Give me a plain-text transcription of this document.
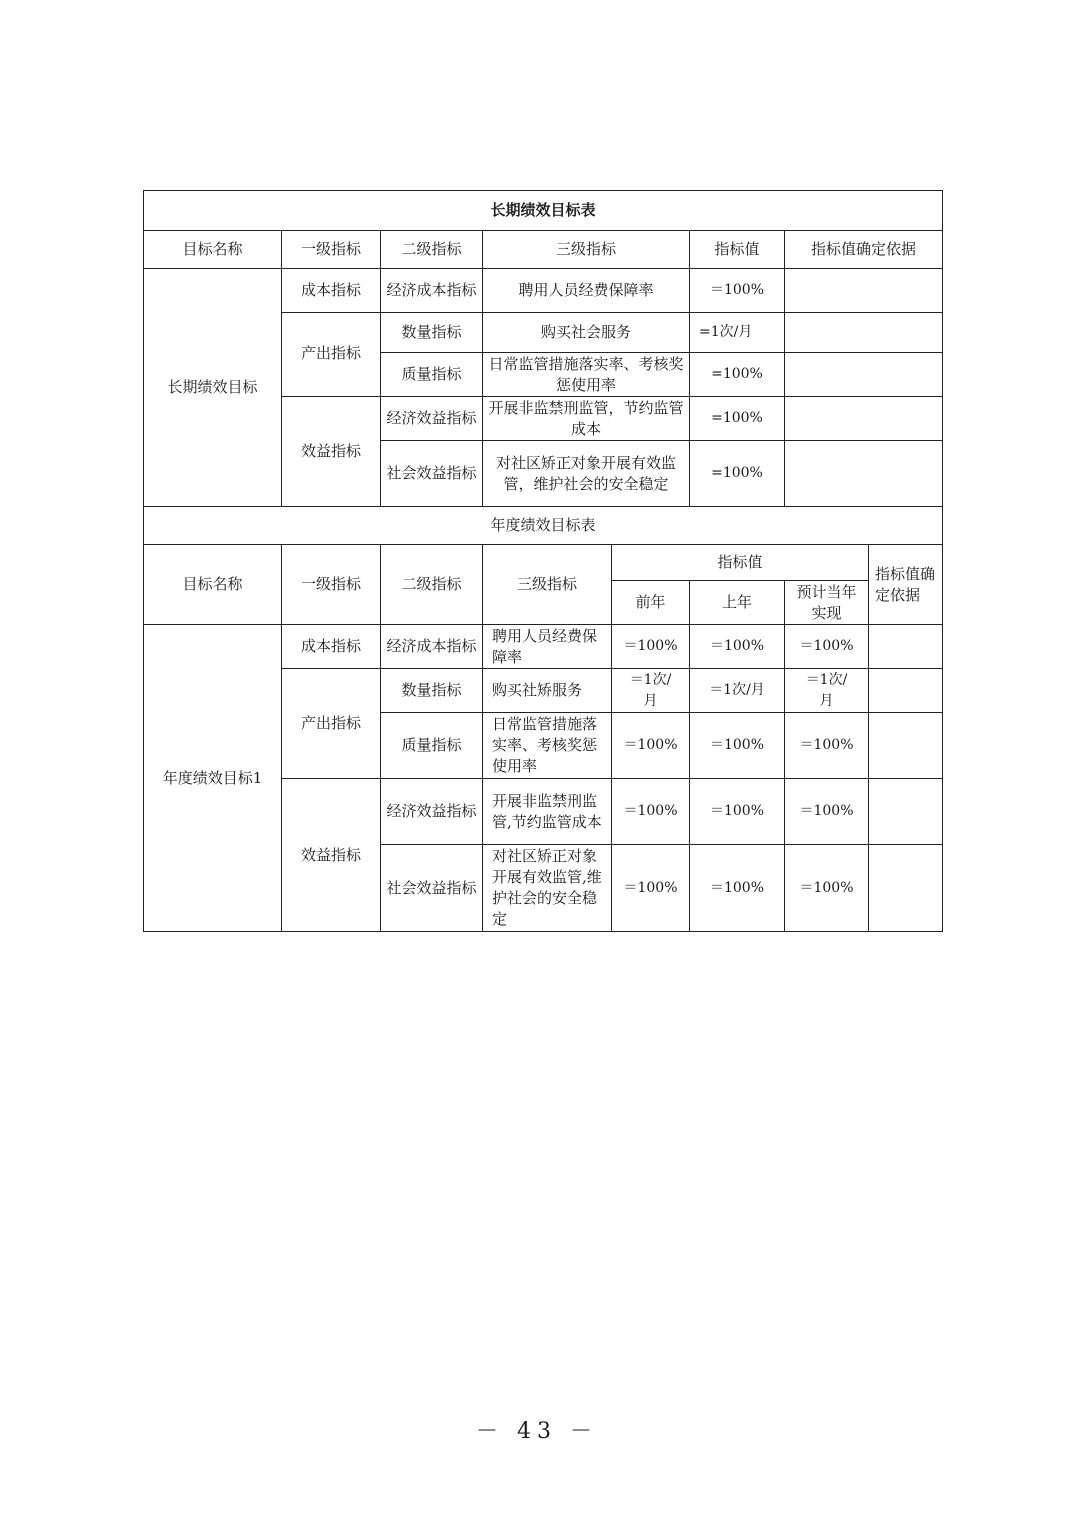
长期绩效目标表					
目标名称	一级指标	二级指标	三级指标	指标值	指标值确定依据
长期绩效目标	成本指标	经济成本指标	聘用人员经费保障率	＝100%	
	产出指标	数量指标	购买社会服务	=1次/月	
		质量指标	日常监管措施落实率、考核奖惩使用率	=100%	
	效益指标	经济效益指标	开展非监禁刑监管，节约监管成本	=100%	
		社会效益指标	对社区矫正对象开展有效监管，维护社会的安全稳定	=100%	
年度绩效目标表							
目标名称	一级指标	二级指标	三级指标	指标值			指标值确定依据
				前年	上年	预计当年实现	
年度绩效目标1	成本指标	经济成本指标	聘用人员经费保障率	＝100%	＝100%	＝100%	
	产出指标	数量指标	购买社矫服务	＝1次/月	＝1次/月	＝1次/月	
		质量指标	日常监管措施落实率、考核奖惩使用率	＝100%	＝100%	＝100%	
	效益指标	经济效益指标	开展非监禁刑监管,节约监管成本	＝100%	＝100%	＝100%	
		社会效益指标	对社区矫正对象开展有效监管,维护社会的安全稳定	＝100%	＝100%	＝100%	
－ 43 －
